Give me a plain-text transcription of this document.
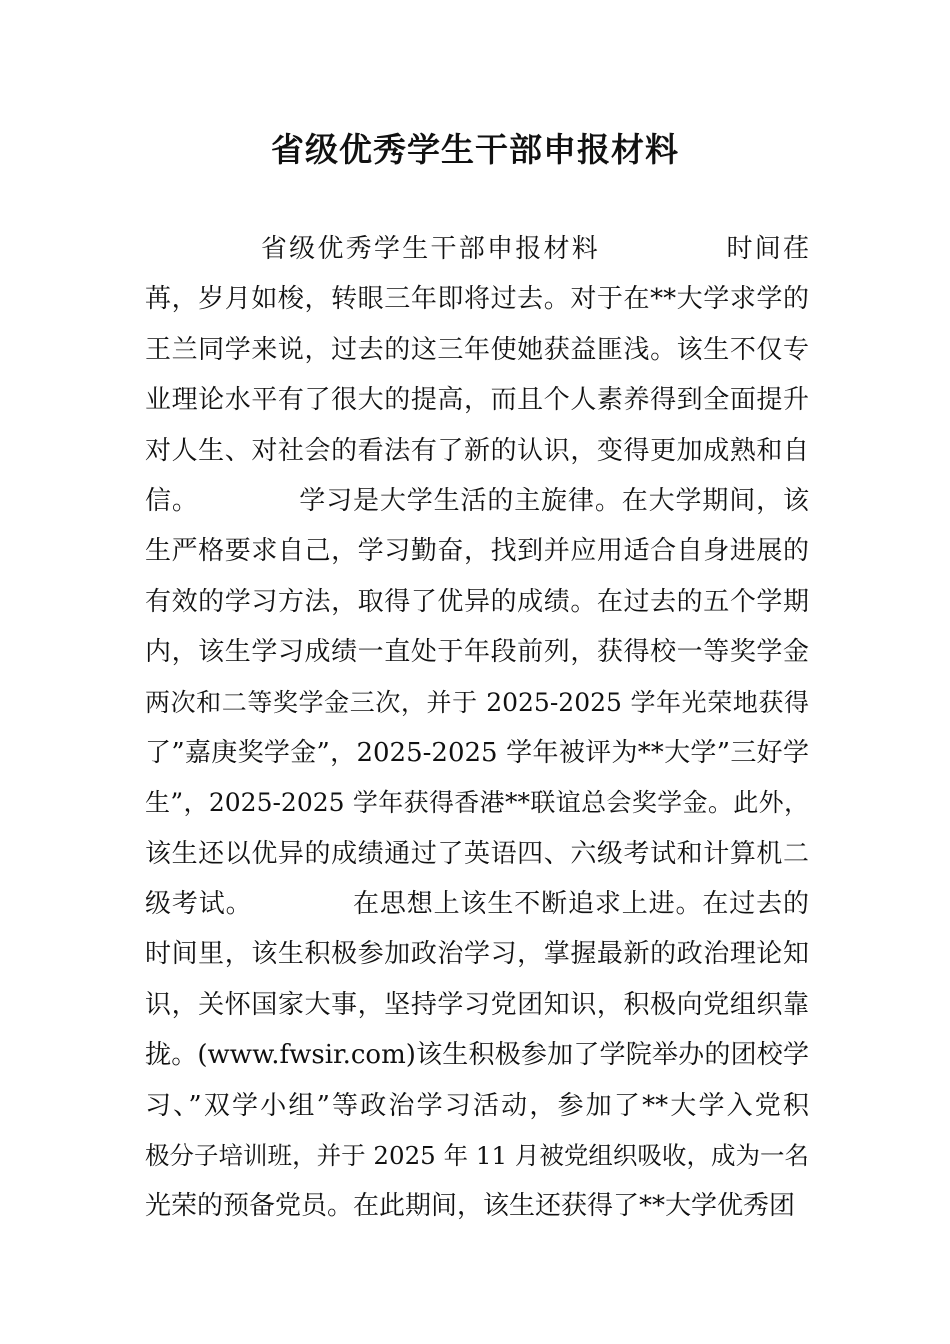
省级优秀学生干部申报材料
省级优秀学生干部申报材料            时间荏
苒，岁月如梭，转眼三年即将过去。对于在**大学求学的
王兰同学来说，过去的这三年使她获益匪浅。该生不仅专
业理论水平有了很大的提高，而且个人素养得到全面提升
对人生、对社会的看法有了新的认识，变得更加成熟和自
信。           学习是大学生活的主旋律。在大学期间，该
生严格要求自己，学习勤奋，找到并应用适合自身进展的
有效的学习方法，取得了优异的成绩。在过去的五个学期
内，该生学习成绩一直处于年段前列，获得校一等奖学金
两次和二等奖学金三次，并于 2025-2025 学年光荣地获得
了”嘉庚奖学金”，2025-2025 学年被评为**大学”三好学
生”，2025-2025 学年获得香港**联谊总会奖学金。此外，
该生还以优异的成绩通过了英语四、六级考试和计算机二
级考试。           在思想上该生不断追求上进。在过去的
时间里，该生积极参加政治学习，掌握最新的政治理论知
识，关怀国家大事，坚持学习党团知识，积极向党组织靠
拢。(www.fwsir.com)该生积极参加了学院举办的团校学
习、”双学小组”等政治学习活动，参加了**大学入党积
极分子培训班，并于 2025 年 11 月被党组织吸收，成为一名
光荣的预备党员。在此期间，该生还获得了**大学优秀团
